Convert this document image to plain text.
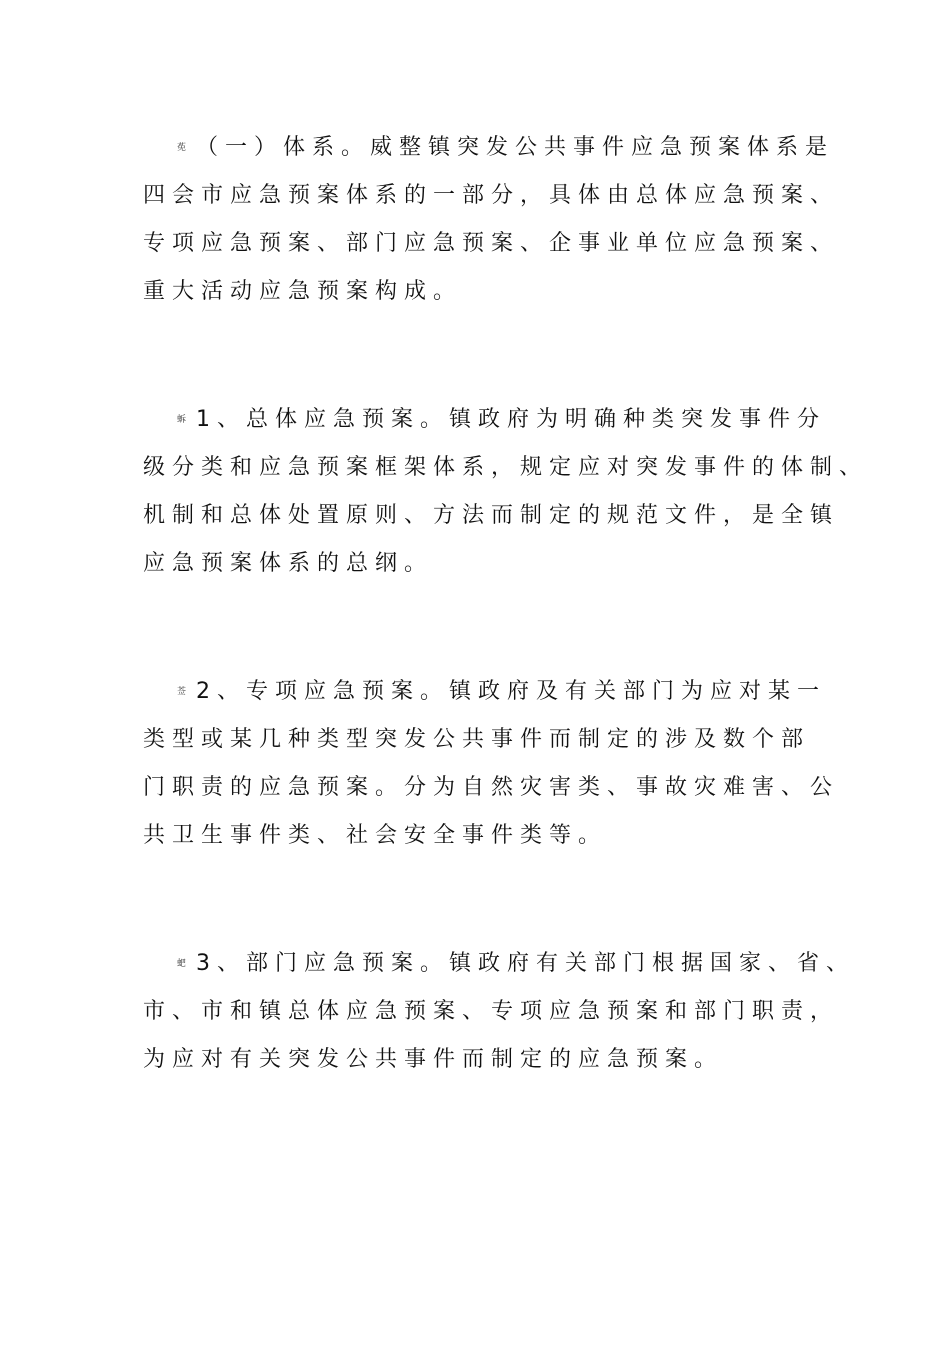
莬 （一）体系。威整镇突发公共事件应急预案体系是
四会市应急预案体系的一部分，具体由总体应急预案、
专项应急预案、部门应急预案、企事业单位应急预案、
重大活动应急预案构成。
蚸 1、总体应急预案。镇政府为明确种类突发事件分
级分类和应急预案框架体系，规定应对突发事件的体制、
机制和总体处置原则、方法而制定的规范文件，是全镇
应急预案体系的总纲。
莶 2、专项应急预案。镇政府及有关部门为应对某一
类型或某几种类型突发公共事件而制定的涉及数个部
门职责的应急预案。分为自然灾害类、事故灾难害、公
共卫生事件类、社会安全事件类等。
蚆 3、部门应急预案。镇政府有关部门根据国家、省、
市、市和镇总体应急预案、专项应急预案和部门职责，
为应对有关突发公共事件而制定的应急预案。
